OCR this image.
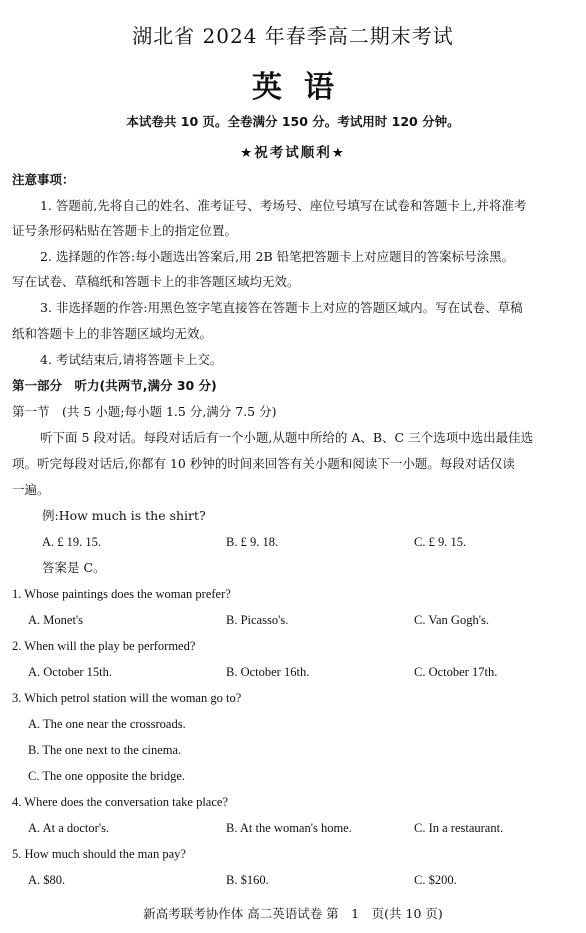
湖北省 2024 年春季高二期末考试
英语
本试卷共 10 页。全卷满分 150 分。考试用时 120 分钟。
★祝考试顺利★
注意事项：
1. 答题前,先将自己的姓名、准考证号、考场号、座位号填写在试卷和答题卡上,并将准考
证号条形码粘贴在答题卡上的指定位置。
2. 选择题的作答:每小题选出答案后,用 2B 铅笔把答题卡上对应题目的答案标号涂黑。
写在试卷、草稿纸和答题卡上的非答题区域均无效。
3. 非选择题的作答:用黑色签字笔直接答在答题卡上对应的答题区域内。写在试卷、草稿
纸和答题卡上的非答题区域均无效。
4. 考试结束后,请将答题卡上交。
第一部分　听力(共两节,满分 30 分)
第一节　(共 5 小题;每小题 1.5 分,满分 7.5 分)
听下面 5 段对话。每段对话后有一个小题,从题中所给的 A、B、C 三个选项中选出最佳选
项。听完每段对话后,你都有 10 秒钟的时间来回答有关小题和阅读下一小题。每段对话仅读
一遍。
例:How much is the shirt?
A. £ 19. 15.	B. £ 9. 18.	C. £ 9. 15.
答案是 C。
1. Whose paintings does the woman prefer?
A. Monet's	B. Picasso's.	C. Van Gogh's.
2. When will the play be performed?
A. October 15th.	B. October 16th.	C. October 17th.
3. Which petrol station will the woman go to?
A. The one near the crossroads.
B. The one next to the cinema.
C. The one opposite the bridge.
4. Where does the conversation take place?
A. At a doctor's.	B. At the woman's home.	C. In a restaurant.
5. How much should the man pay?
A. $80.	B. $160.	C. $200.
新高考联考协作体 高二英语试卷 第　1　页(共 10 页)
